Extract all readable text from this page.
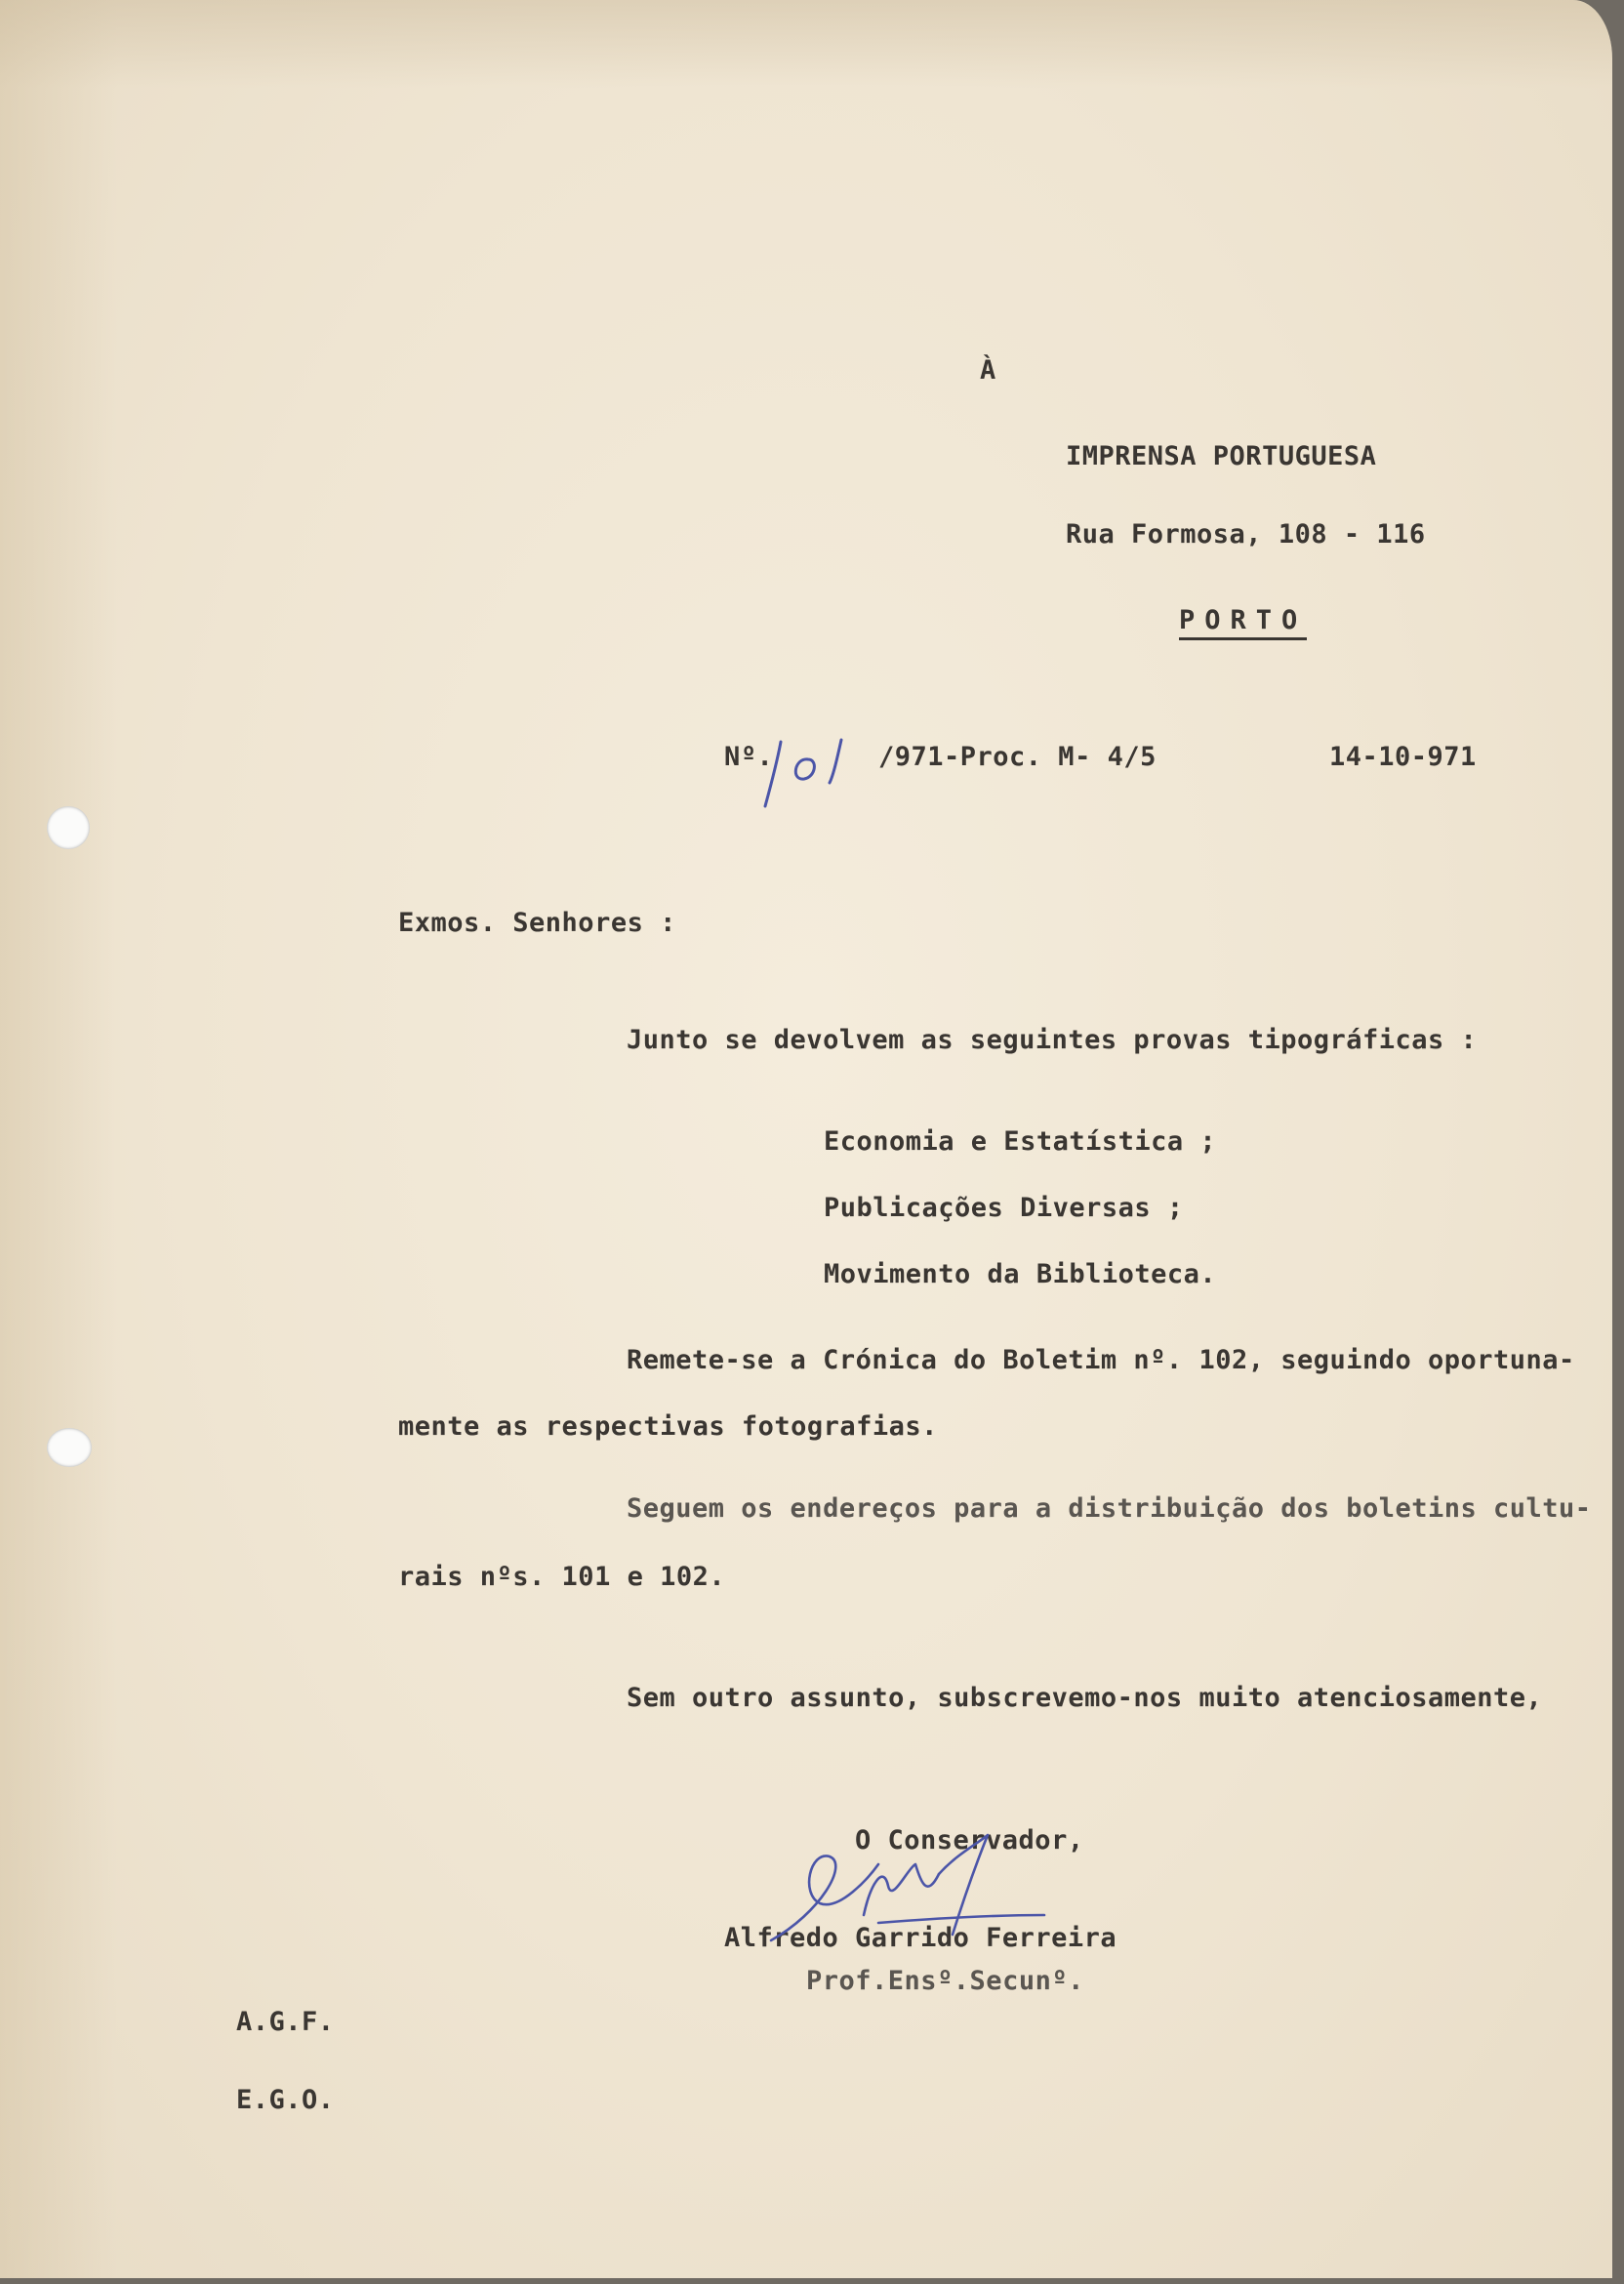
À

IMPRENSA PORTUGUESA

Rua Formosa, 108 - 116

PORTO

Nº.

101

/971-Proc. M- 4/5	14-10-971

Exmos. Senhores :

Junto se devolvem as seguintes provas tipográficas :

Economia e Estatística ;

Publicações Diversas ;

Movimento da Biblioteca.

Remete-se a Crónica do Boletim nº. 102, seguindo oportuna-

mente as respectivas fotografias.

Seguem os endereços para a distribuição dos boletins cultu-

rais nºs. 101 e 102.

Sem outro assunto, subscrevemo-nos muito atenciosamente,

O Conservador,

Alfredo Garrido Ferreira

Prof.Ensº.Secunº.

A.G.F.

E.G.O.
